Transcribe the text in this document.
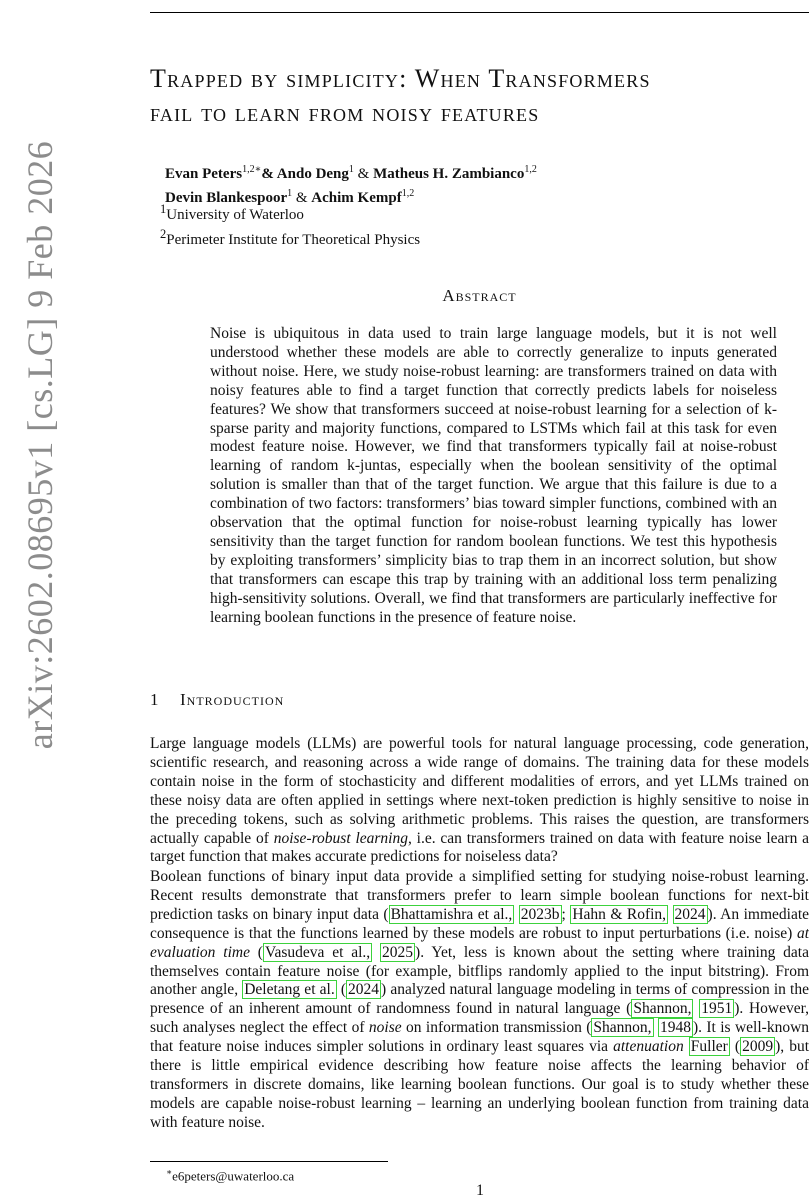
arXiv:2602.08695v1 [cs.LG] 9 Feb 2026
Trapped by simplicity: When Transformers
fail to learn from noisy features
Evan Peters$^{1,2∗}$& Ando Deng$^1$ & Matheus H. Zambianco$^{1,2}$
Devin Blankespoor$^1$ & Achim Kempf$^{1,2}$
$^1$University of Waterloo
$^2$Perimeter Institute for Theoretical Physics
Abstract
Noise is ubiquitous in data used to train large language models, but it is not well understood whether these models are able to correctly generalize to inputs generated without noise. Here, we study noise-robust learning: are transformers trained on data with noisy features able to find a target function that correctly predicts labels for noiseless features? We show that transformers succeed at noise-robust learning for a selection of k-sparse parity and majority functions, compared to LSTMs which fail at this task for even modest feature noise. However, we find that transformers typically fail at noise-robust learning of random k-juntas, especially when the boolean sensitivity of the optimal solution is smaller than that of the target function. We argue that this failure is due to a combination of two factors: transformers’ bias toward simpler functions, combined with an observation that the optimal function for noise-robust learning typically has lower sensitivity than the target function for random boolean functions. We test this hypothesis by exploiting transformers’ simplicity bias to trap them in an incorrect solution, but show that transformers can escape this trap by training with an additional loss term penalizing high-sensitivity solutions. Overall, we find that transformers are particularly ineffective for learning boolean functions in the presence of feature noise.
1 Introduction
Large language models (LLMs) are powerful tools for natural language processing, code generation, scientific research, and reasoning across a wide range of domains. The training data for these models contain noise in the form of stochasticity and different modalities of errors, and yet LLMs trained on these noisy data are often applied in settings where next-token prediction is highly sensitive to noise in the preceding tokens, such as solving arithmetic problems. This raises the question, are transformers actually capable of noise-robust learning, i.e. can transformers trained on data with feature noise learn a target function that makes accurate predictions for noiseless data?
Boolean functions of binary input data provide a simplified setting for studying noise-robust learning. Recent results demonstrate that transformers prefer to learn simple boolean functions for next-bit prediction tasks on binary input data ( Bhattamishra et al., 2023b ; Hahn & Rofin, 2024 ). An immediate consequence is that the functions learned by these models are robust to input perturbations (i.e. noise) at evaluation time ( Vasudeva et al., 2025 ). Yet, less is known about the setting where training data themselves contain feature noise (for example, bitflips randomly applied to the input bitstring). From another angle, Deletang et al. ( 2024 ) analyzed natural language modeling in terms of compression in the presence of an inherent amount of randomness found in natural language ( Shannon, 1951 ). However, such analyses neglect the effect of noise on information transmission ( Shannon, 1948 ). It is well-known that feature noise induces simpler solutions in ordinary least squares via attenuation Fuller ( 2009 ), but there is little empirical evidence describing how feature noise affects the learning behavior of transformers in discrete domains, like learning boolean functions. Our goal is to study whether these models are capable noise-robust learning – learning an underlying boolean function from training data with feature noise.
∗e6peters@uwaterloo.ca
1
